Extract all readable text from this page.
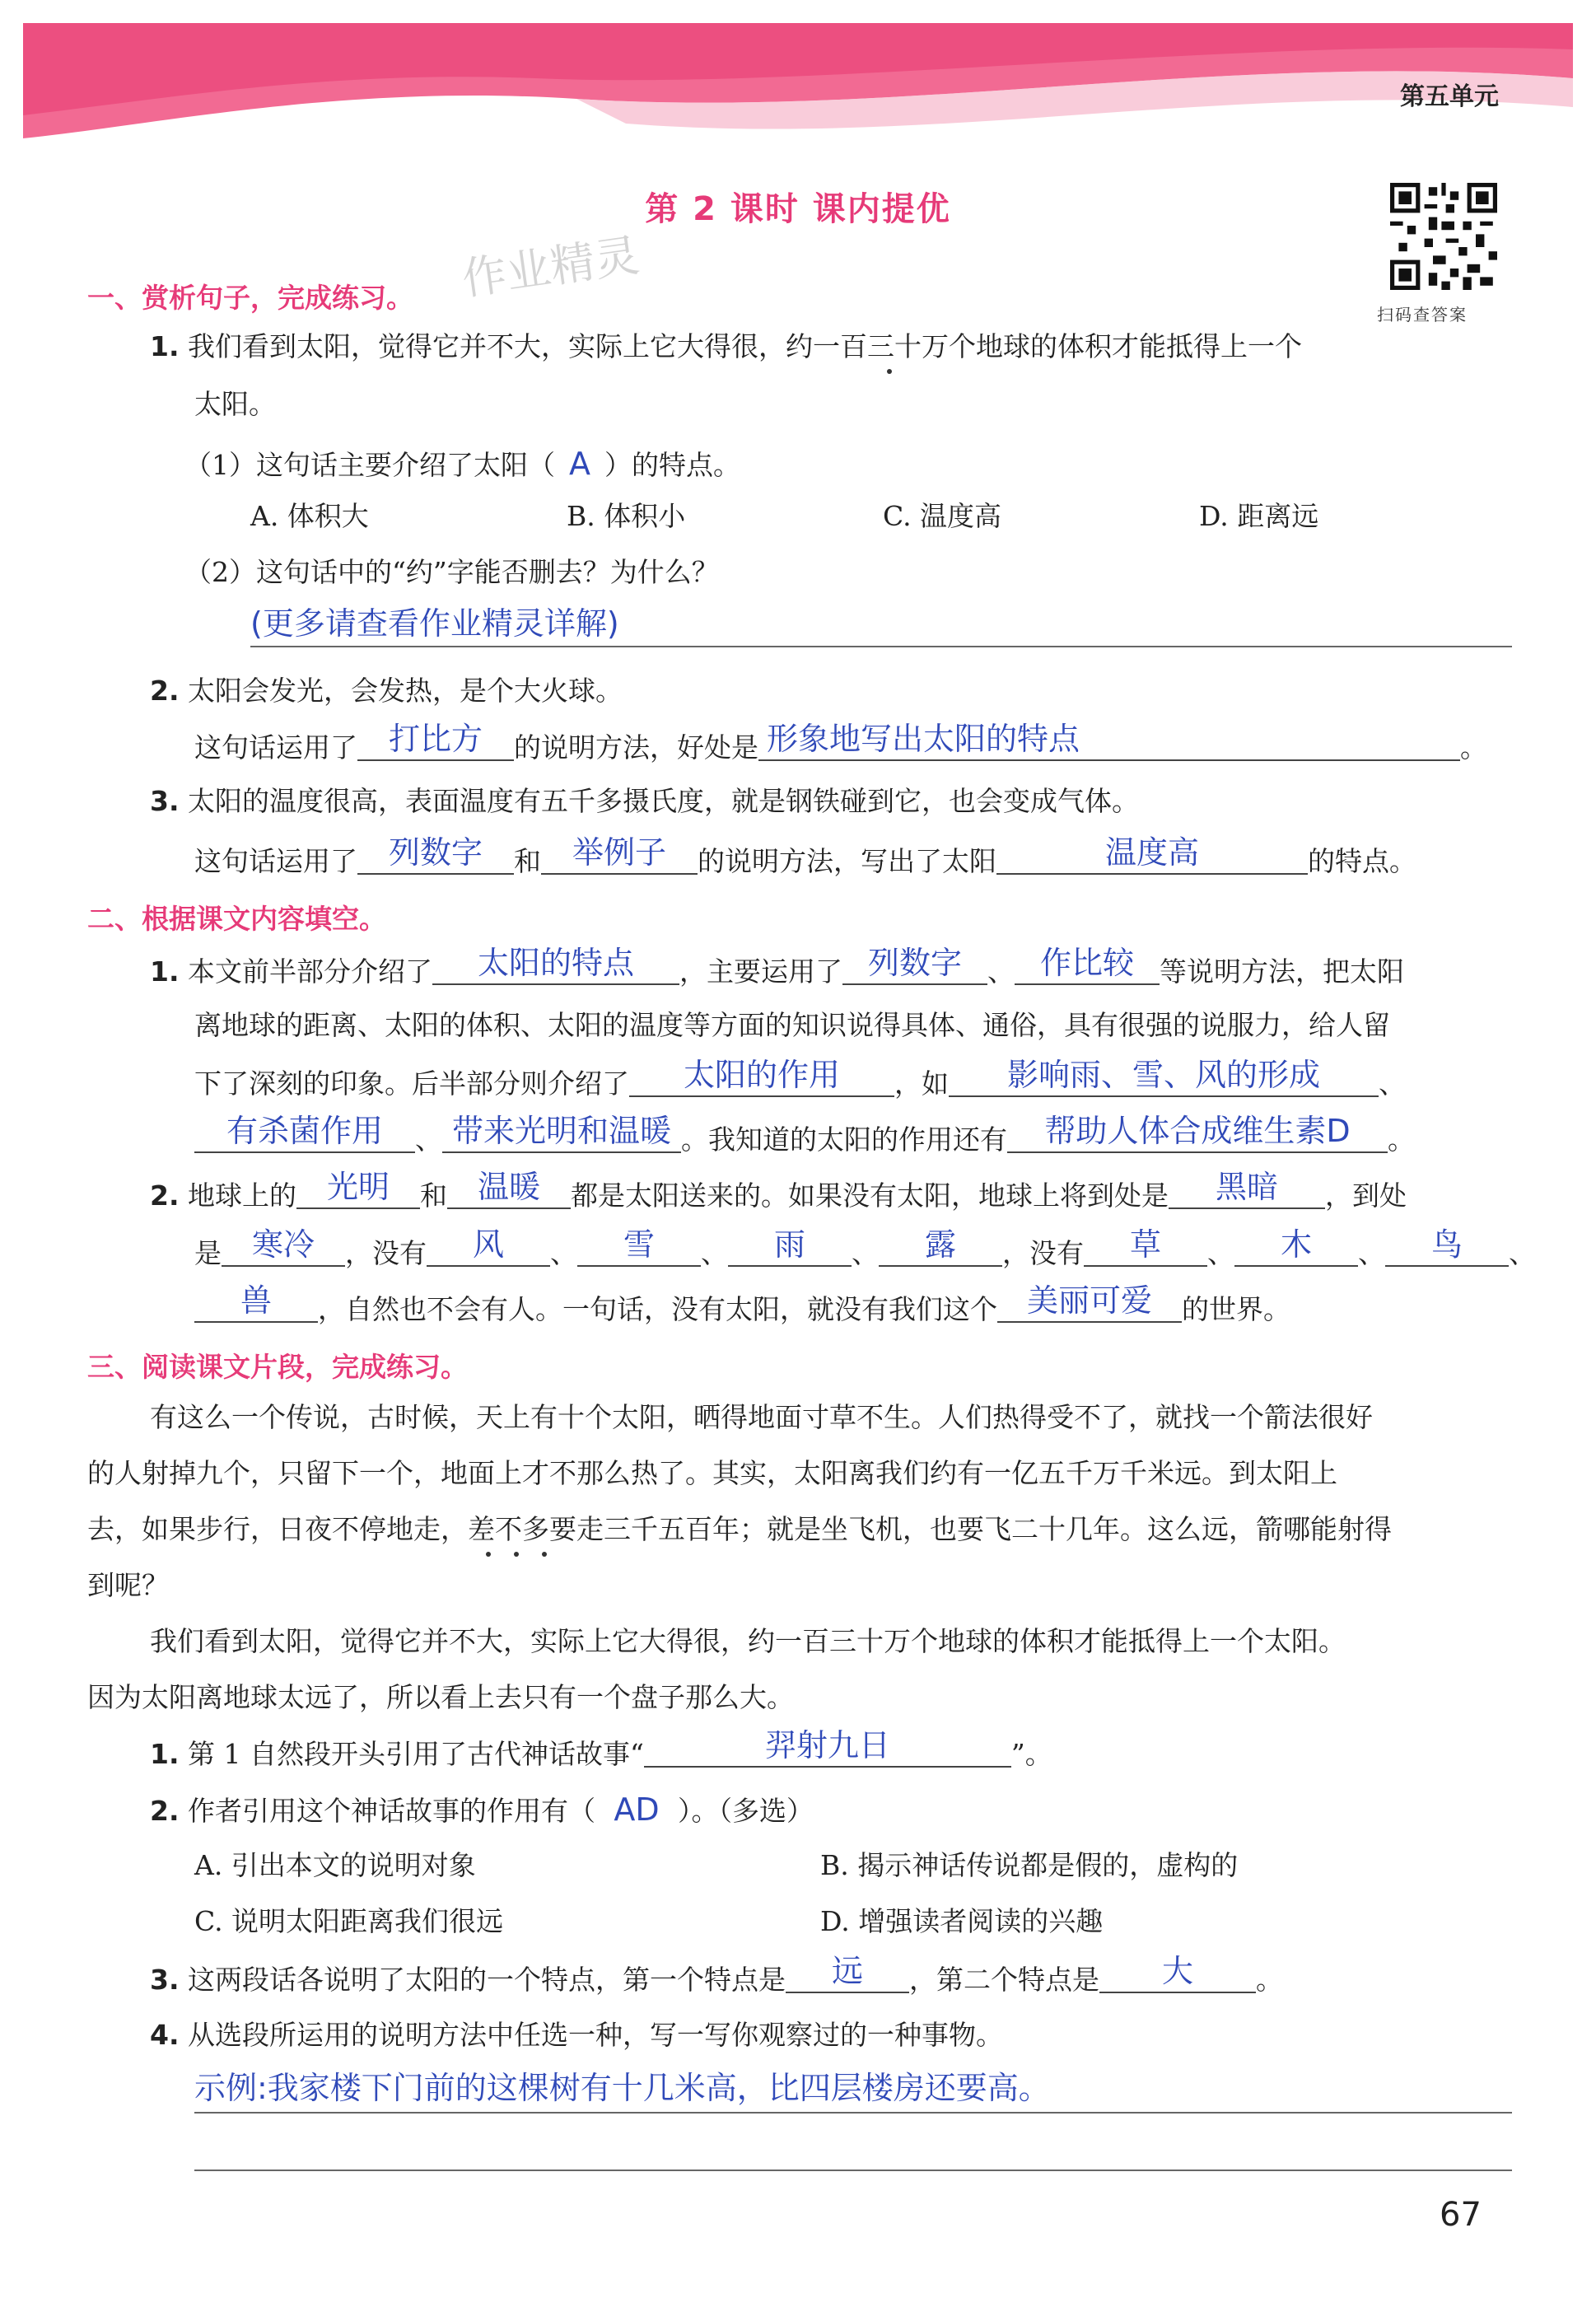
第五单元
第 2 课时 课内提优
作业精灵
扫码查答案
一、赏析句子，完成练习。
1. 我们看到太阳，觉得它并不大，实际上它大得很，约一百三十万个地球的体积才能抵得上一个
太阳。
（1）这句话主要介绍了太阳（ A ）的特点。
A. 体积大	B. 体积小	C. 温度高	D. 距离远
（2）这句话中的“约”字能否删去？为什么？
(更多请查看作业精灵详解)
2. 太阳会发光，会发热，是个大火球。
这句话运用了 打比方	的说明方法，好处是 形象地写出太阳的特点	。
3. 太阳的温度很高，表面温度有五千多摄氏度，就是钢铁碰到它，也会变成气体。
这句话运用了 列数字	和 举例子	的说明方法，写出了太阳	温度高	的特点。
二、根据课文内容填空。
1. 本文前半部分介绍了	太阳的特点	，主要运用了 列数字 、 作比较 等说明方法，把太阳
离地球的距离、太阳的体积、太阳的温度等方面的知识说得具体、通俗，具有很强的说服力，给人留
下了深刻的印象。后半部分则介绍了	太阳的作用	，如	影响雨、雪、风的形成	、
有杀菌作用	、 带来光明和温暖 。我知道的太阳的作用还有	帮助人体合成维生素D	。
2. 地球上的 光明	和 温暖	都是太阳送来的。如果没有太阳，地球上将到处是	黑暗	，到处
是 寒冷	，没有	风	、	雪	、	雨	、	露	，没有	草	、	木	、	鸟	、
兽	，自然也不会有人。一句话，没有太阳，就没有我们这个 美丽可爱	的世界。
三、阅读课文片段，完成练习。
有这么一个传说，古时候，天上有十个太阳，晒得地面寸草不生。人们热得受不了，就找一个箭法很好
的人射掉九个，只留下一个，地面上才不那么热了。其实，太阳离我们约有一亿五千万千米远。到太阳上
去，如果步行，日夜不停地走，差不多要走三千五百年；就是坐飞机，也要飞二十几年。这么远，箭哪能射得
到呢？
我们看到太阳，觉得它并不大，实际上它大得很，约一百三十万个地球的体积才能抵得上一个太阳。
因为太阳离地球太远了，所以看上去只有一个盘子那么大。
1. 第 1 自然段开头引用了古代神话故事“	羿射九日	”。
2. 作者引用这个神话故事的作用有（ AD ）。（多选）
A. 引出本文的说明对象	B. 揭示神话传说都是假的，虚构的
C. 说明太阳距离我们很远	D. 增强读者阅读的兴趣
3. 这两段话各说明了太阳的一个特点，第一个特点是	远	，第二个特点是	大	。
4. 从选段所运用的说明方法中任选一种，写一写你观察过的一种事物。
示例:我家楼下门前的这棵树有十几米高，比四层楼房还要高。
67
